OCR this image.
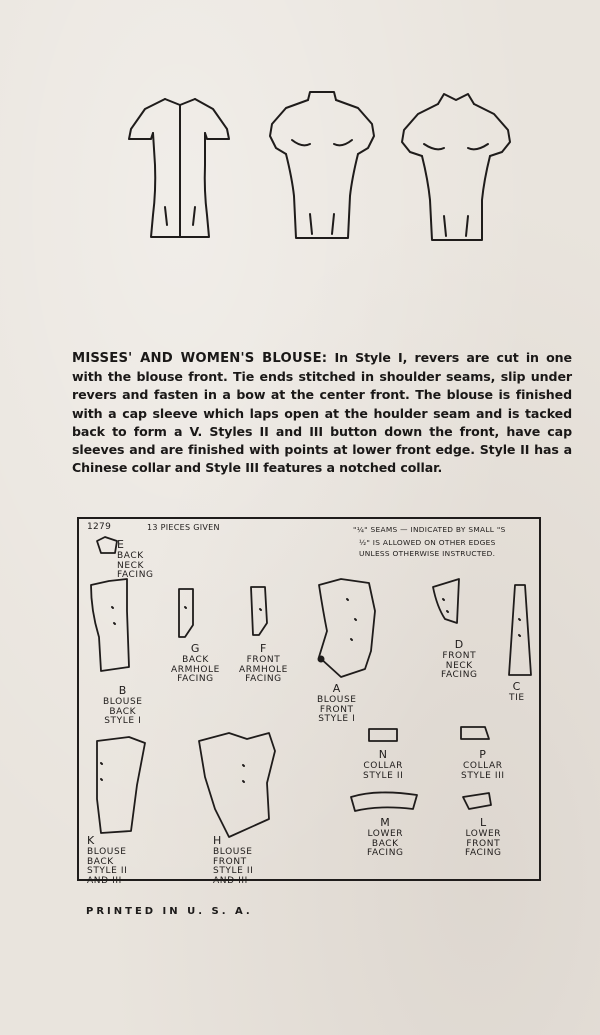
MISSES' AND WOMEN'S BLOUSE: In Style I, revers are cut in one with the blouse front. Tie ends stitched in shoulder seams, slip under revers and fasten in a bow at the center front. The blouse is finished with a cap sleeve which laps open at the houlder seam and is tacked back to form a V. Styles II and III button down the front, have cap sleeves and are finished with points at lower front edge. Style II has a Chinese collar and Style III features a notched collar.
1279	13 PIECES GIVEN	"¼" SEAMS — INDICATED BY SMALL "S
½" IS ALLOWED ON OTHER EDGES
UNLESS OTHERWISE INSTRUCTED.
E
BACK
NECK
FACING
G
BACK
ARMHOLE
FACING
F
FRONT
ARMHOLE
FACING
B
BLOUSE
BACK
STYLE I
A
BLOUSE
FRONT
STYLE I
D
FRONT
NECK
FACING
C
TIE
N
COLLAR
STYLE II
P
COLLAR
STYLE III
K
BLOUSE
BACK
STYLE II
AND III
H
BLOUSE
FRONT
STYLE II
AND III
M
LOWER
BACK
FACING
L
LOWER
FRONT
FACING
PRINTED IN U. S. A.
